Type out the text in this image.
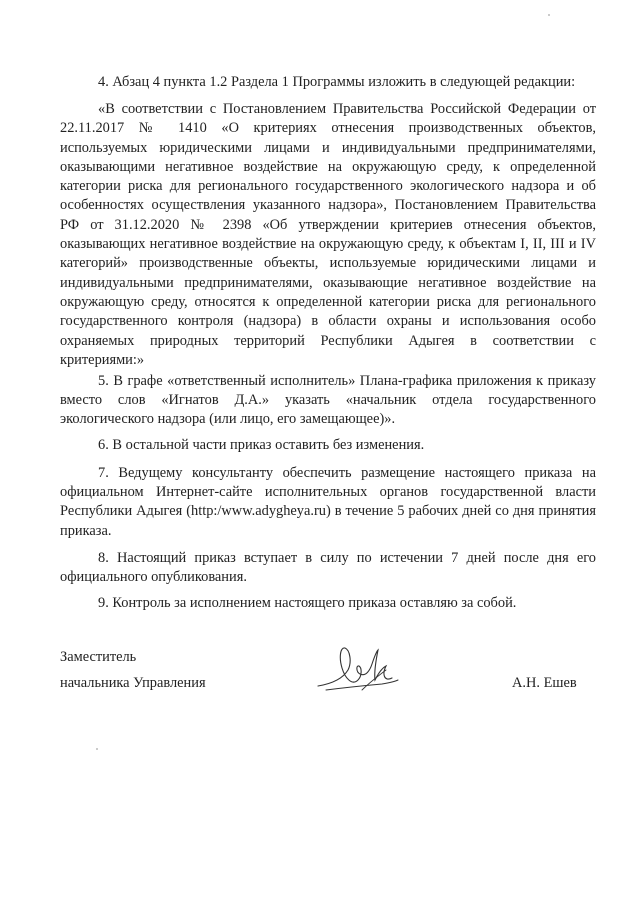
4. Абзац 4 пункта 1.2 Раздела 1 Программы изложить в следующей редакции:

«В соответствии с Постановлением Правительства Российской Федерации от 22.11.2017 № 1410 «О критериях отнесения производственных объектов, используемых юридическими лицами и индивидуальными предпринимателями, оказывающими негативное воздействие на окружающую среду, к определенной категории риска для регионального государственного экологического надзора и об особенностях осуществления указанного надзора», Постановлением Правительства РФ от 31.12.2020 № 2398 «Об утверждении критериев отнесения объектов, оказывающих негативное воздействие на окружающую среду, к объектам I, II, III и IV категорий» производственные объекты, используемые юридическими лицами и индивидуальными предпринимателями, оказывающие негативное воздействие на окружающую среду, относятся к определенной категории риска для регионального государственного контроля (надзора) в области охраны и использования особо охраняемых природных территорий Республики Адыгея в соответствии с критериями:»

5. В графе «ответственный исполнитель» Плана-графика приложения к приказу вместо слов «Игнатов Д.А.» указать «начальник отдела государственного экологического надзора (или лицо, его замещающее)».

6. В остальной части приказ оставить без изменения.

7. Ведущему консультанту обеспечить размещение настоящего приказа на официальном Интернет-сайте исполнительных органов государственной власти Республики Адыгея (http:/www.adygheya.ru) в течение 5 рабочих дней со дня принятия приказа.

8. Настоящий приказ вступает в силу по истечении 7 дней после дня его официального опубликования.

9. Контроль за исполнением настоящего приказа оставляю за собой.

Заместитель
начальника Управления	А.Н. Ешев
